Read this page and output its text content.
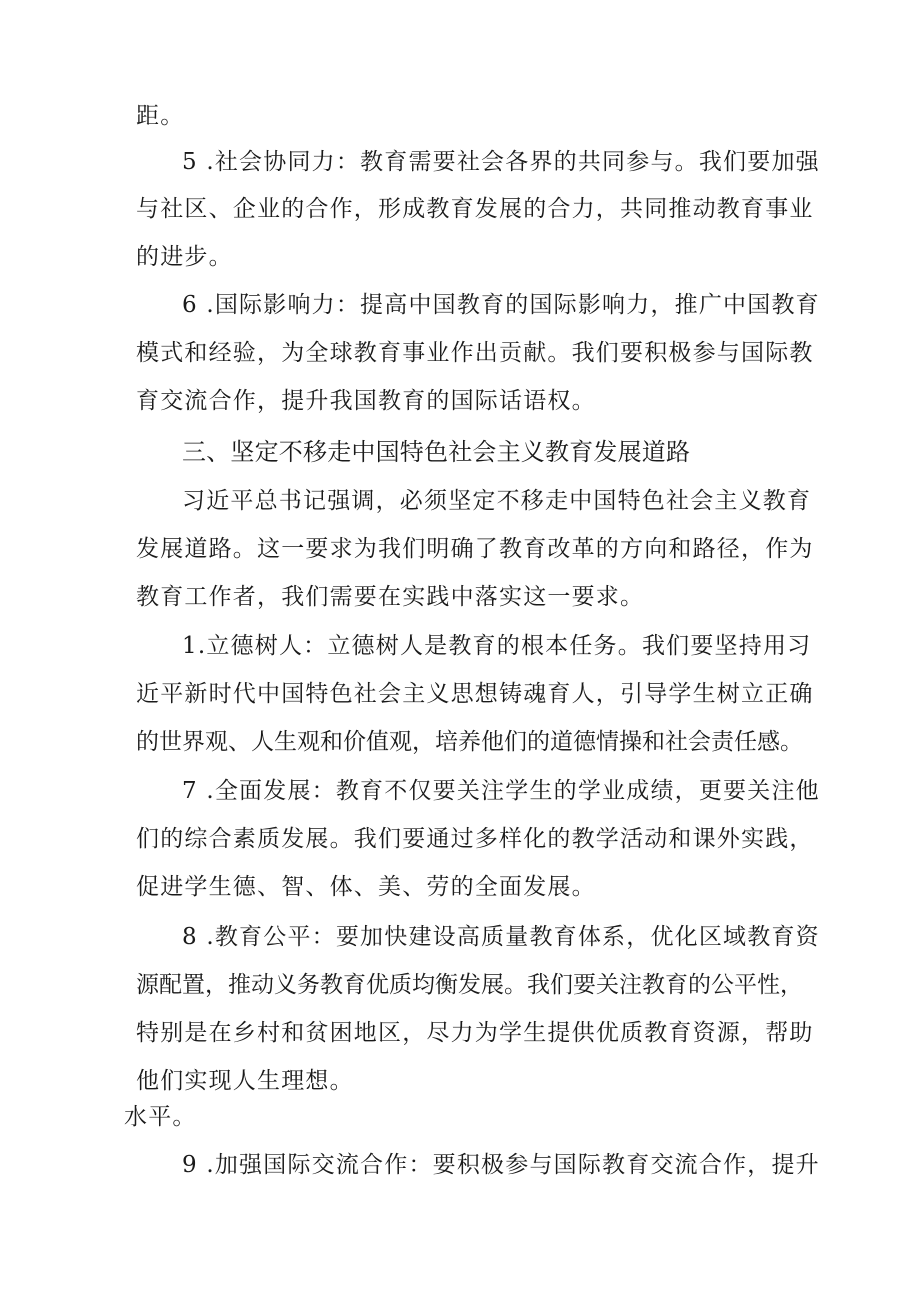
距。
5 .社会协同力：教育需要社会各界的共同参与。我们要加强
与社区、企业的合作，形成教育发展的合力，共同推动教育事业
的进步。
6 .国际影响力：提高中国教育的国际影响力，推广中国教育
模式和经验，为全球教育事业作出贡献。我们要积极参与国际教
育交流合作，提升我国教育的国际话语权。
三、坚定不移走中国特色社会主义教育发展道路
习近平总书记强调，必须坚定不移走中国特色社会主义教育
发展道路。这一要求为我们明确了教育改革的方向和路径，作为
教育工作者，我们需要在实践中落实这一要求。
1.立德树人：立德树人是教育的根本任务。我们要坚持用习
近平新时代中国特色社会主义思想铸魂育人，引导学生树立正确
的世界观、人生观和价值观，培养他们的道德情操和社会责任感。
7 .全面发展：教育不仅要关注学生的学业成绩，更要关注他
们的综合素质发展。我们要通过多样化的教学活动和课外实践，
促进学生德、智、体、美、劳的全面发展。
8 .教育公平：要加快建设高质量教育体系，优化区域教育资
源配置，推动义务教育优质均衡发展。我们要关注教育的公平性，
特别是在乡村和贫困地区，尽力为学生提供优质教育资源，帮助
他们实现人生理想。
水平。
9 .加强国际交流合作：要积极参与国际教育交流合作，提升
